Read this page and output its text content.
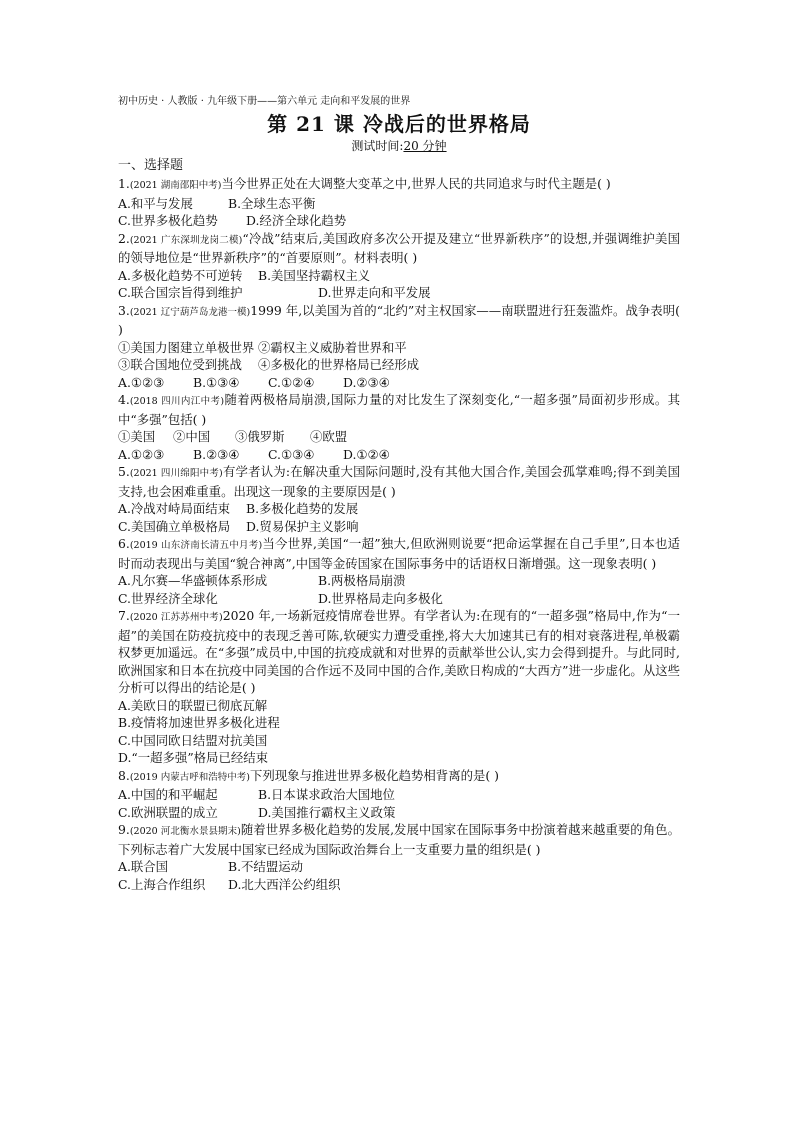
初中历史 · 人教版 · 九年级下册——第六单元 走向和平发展的世界

第 21 课 冷战后的世界格局

测试时间:20 分钟

一、选择题

1.(2021 湖南邵阳中考)当今世界正处在大调整大变革之中,世界人民的共同追求与时代主题是( )

A.和平与发展	B.全球生态平衡
C.世界多极化趋势	D.经济全球化趋势

2.(2021 广东深圳龙岗二模)“冷战”结束后,美国政府多次公开提及建立“世界新秩序”的设想,并强调维护美国的领导地位是“世界新秩序”的“首要原则”。材料表明( )

A.多极化趋势不可逆转	B.美国坚持霸权主义
C.联合国宗旨得到维护	D.世界走向和平发展

3.(2021 辽宁葫芦岛龙港一模)1999 年,以美国为首的“北约”对主权国家——南联盟进行狂轰滥炸。战争表明( )

①美国力图建立单极世界 ②霸权主义威胁着世界和平
③联合国地位受到挑战	④多极化的世界格局已经形成
A.①②③	B.①③④	C.①②④	D.②③④

4.(2018 四川内江中考)随着两极格局崩溃,国际力量的对比发生了深刻变化,“一超多强”局面初步形成。其中“多强”包括( )

①美国	②中国	③俄罗斯	④欧盟
A.①②③	B.②③④	C.①③④	D.①②④

5.(2021 四川绵阳中考)有学者认为:在解决重大国际问题时,没有其他大国合作,美国会孤掌难鸣;得不到美国支持,也会困难重重。出现这一现象的主要原因是( )

A.冷战对峙局面结束	B.多极化趋势的发展
C.美国确立单极格局	D.贸易保护主义影响

6.(2019 山东济南长清五中月考)当今世界,美国“一超”独大,但欧洲则说要“把命运掌握在自己手里”,日本也适时而动表现出与美国“貌合神离”,中国等金砖国家在国际事务中的话语权日渐增强。这一现象表明( )

A.凡尔赛—华盛顿体系形成	B.两极格局崩溃
C.世界经济全球化	D.世界格局走向多极化

7.(2020 江苏苏州中考)2020 年,一场新冠疫情席卷世界。有学者认为:在现有的“一超多强”格局中,作为“一超”的美国在防疫抗疫中的表现乏善可陈,软硬实力遭受重挫,将大大加速其已有的相对衰落进程,单极霸权梦更加遥远。在“多强”成员中,中国的抗疫成就和对世界的贡献举世公认,实力会得到提升。与此同时,欧洲国家和日本在抗疫中同美国的合作远不及同中国的合作,美欧日构成的“大西方”进一步虚化。从这些分析可以得出的结论是( )

A.美欧日的联盟已彻底瓦解
B.疫情将加速世界多极化进程
C.中国同欧日结盟对抗美国
D.“一超多强”格局已经结束

8.(2019 内蒙古呼和浩特中考)下列现象与推进世界多极化趋势相背离的是( )

A.中国的和平崛起	B.日本谋求政治大国地位
C.欧洲联盟的成立	D.美国推行霸权主义政策

9.(2020 河北衡水景县期末)随着世界多极化趋势的发展,发展中国家在国际事务中扮演着越来越重要的角色。下列标志着广大发展中国家已经成为国际政治舞台上一支重要力量的组织是( )

A.联合国	B.不结盟运动
C.上海合作组织	D.北大西洋公约组织
